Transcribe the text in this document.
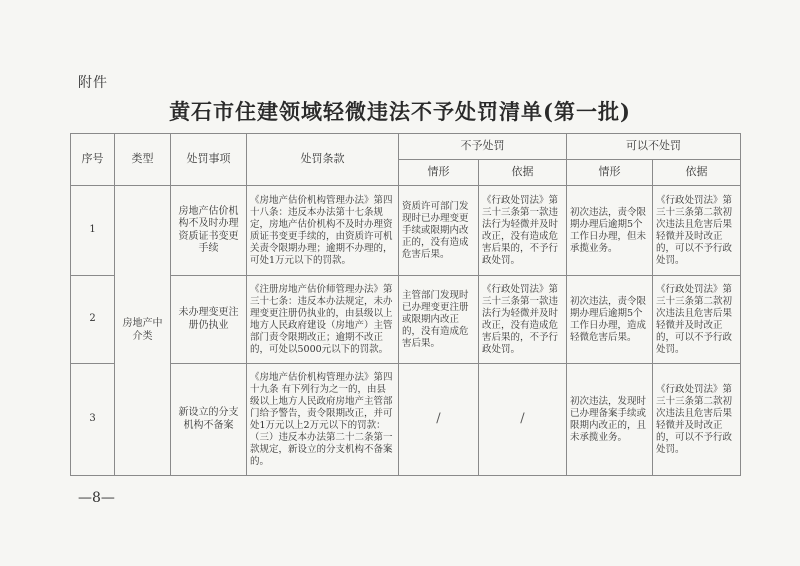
附件
黄石市住建领域轻微违法不予处罚清单(第一批)
序号	类型	处罚事项	处罚条款	不予处罚		可以不处罚	
				情形	依据	情形	依据
1	房地产中介类	房地产估价机构不及时办理资质证书变更手续	《房地产估价机构管理办法》第四十八条：违反本办法第十七条规定，房地产估价机构不及时办理资质证书变更手续的，由资质许可机关责令限期办理；逾期不办理的，可处1万元以下的罚款。	资质许可部门发现时已办理变更手续或限期内改正的，没有造成危害后果。	《行政处罚法》第三十三条第一款违法行为轻微并及时改正，没有造成危害后果的，不予行政处罚。	初次违法，责令限期办理后逾期5个工作日办理，但未承揽业务。	《行政处罚法》第三十三条第二款初次违法且危害后果轻微并及时改正的，可以不予行政处罚。
2		未办理变更注册仍执业	《注册房地产估价师管理办法》第三十七条：违反本办法规定，未办理变更注册仍执业的，由县级以上地方人民政府建设（房地产）主管部门责令限期改正；逾期不改正的，可处以5000元以下的罚款。	主管部门发现时已办理变更注册或限期内改正的，没有造成危害后果。	《行政处罚法》第三十三条第一款违法行为轻微并及时改正，没有造成危害后果的，不予行政处罚。	初次违法，责令限期办理后逾期5个工作日办理，造成轻微危害后果。	《行政处罚法》第三十三条第二款初次违法且危害后果轻微并及时改正的，可以不予行政处罚。
3		新设立的分支机构不备案	《房地产估价机构管理办法》第四十九条 有下列行为之一的，由县级以上地方人民政府房地产主管部门给予警告，责令限期改正，并可处1万元以上2万元以下的罚款：（三）违反本办法第二十二条第一款规定，新设立的分支机构不备案的。	/	/	初次违法，发现时已办理备案手续或限期内改正的，且未承揽业务。	《行政处罚法》第三十三条第二款初次违法且危害后果轻微并及时改正的，可以不予行政处罚。
—8—
